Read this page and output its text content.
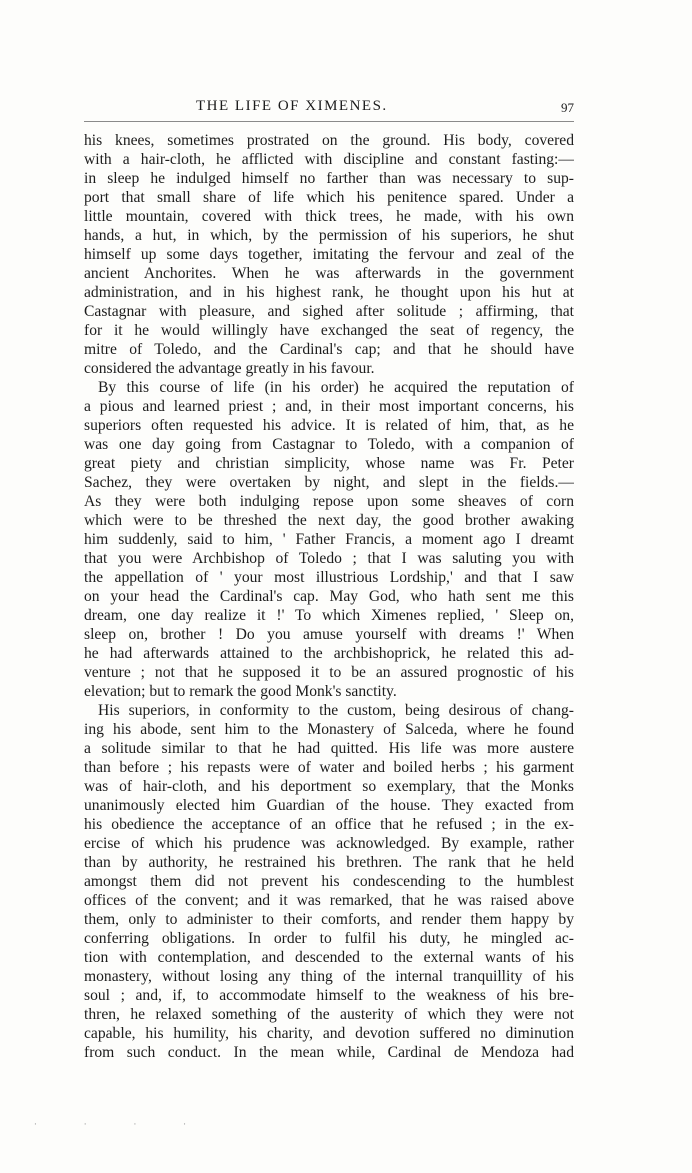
THE LIFE OF XIMENES.	97
his knees, sometimes prostrated on the ground. His body, covered
with a hair-cloth, he afflicted with discipline and constant fasting:—
in sleep he indulged himself no farther than was necessary to sup-
port that small share of life which his penitence spared. Under a
little mountain, covered with thick trees, he made, with his own
hands, a hut, in which, by the permission of his superiors, he shut
himself up some days together, imitating the fervour and zeal of the
ancient Anchorites. When he was afterwards in the government
administration, and in his highest rank, he thought upon his hut at
Castagnar with pleasure, and sighed after solitude ; affirming, that
for it he would willingly have exchanged the seat of regency, the
mitre of Toledo, and the Cardinal's cap; and that he should have
considered the advantage greatly in his favour.
By this course of life (in his order) he acquired the reputation of
a pious and learned priest ; and, in their most important concerns, his
superiors often requested his advice. It is related of him, that, as he
was one day going from Castagnar to Toledo, with a companion of
great piety and christian simplicity, whose name was Fr. Peter
Sachez, they were overtaken by night, and slept in the fields.—
As they were both indulging repose upon some sheaves of corn
which were to be threshed the next day, the good brother awaking
him suddenly, said to him, ' Father Francis, a moment ago I dreamt
that you were Archbishop of Toledo ; that I was saluting you with
the appellation of ' your most illustrious Lordship,' and that I saw
on your head the Cardinal's cap. May God, who hath sent me this
dream, one day realize it !' To which Ximenes replied, ' Sleep on,
sleep on, brother ! Do you amuse yourself with dreams !' When
he had afterwards attained to the archbishoprick, he related this ad-
venture ; not that he supposed it to be an assured prognostic of his
elevation; but to remark the good Monk's sanctity.
His superiors, in conformity to the custom, being desirous of chang-
ing his abode, sent him to the Monastery of Salceda, where he found
a solitude similar to that he had quitted. His life was more austere
than before ; his repasts were of water and boiled herbs ; his garment
was of hair-cloth, and his deportment so exemplary, that the Monks
unanimously elected him Guardian of the house. They exacted from
his obedience the acceptance of an office that he refused ; in the ex-
ercise of which his prudence was acknowledged. By example, rather
than by authority, he restrained his brethren. The rank that he held
amongst them did not prevent his condescending to the humblest
offices of the convent; and it was remarked, that he was raised above
them, only to administer to their comforts, and render them happy by
conferring obligations. In order to fulfil his duty, he mingled ac-
tion with contemplation, and descended to the external wants of his
monastery, without losing any thing of the internal tranquillity of his
soul ; and, if, to accommodate himself to the weakness of his bre-
thren, he relaxed something of the austerity of which they were not
capable, his humility, his charity, and devotion suffered no diminution
from such conduct. In the mean while, Cardinal de Mendoza had
· · · ·
